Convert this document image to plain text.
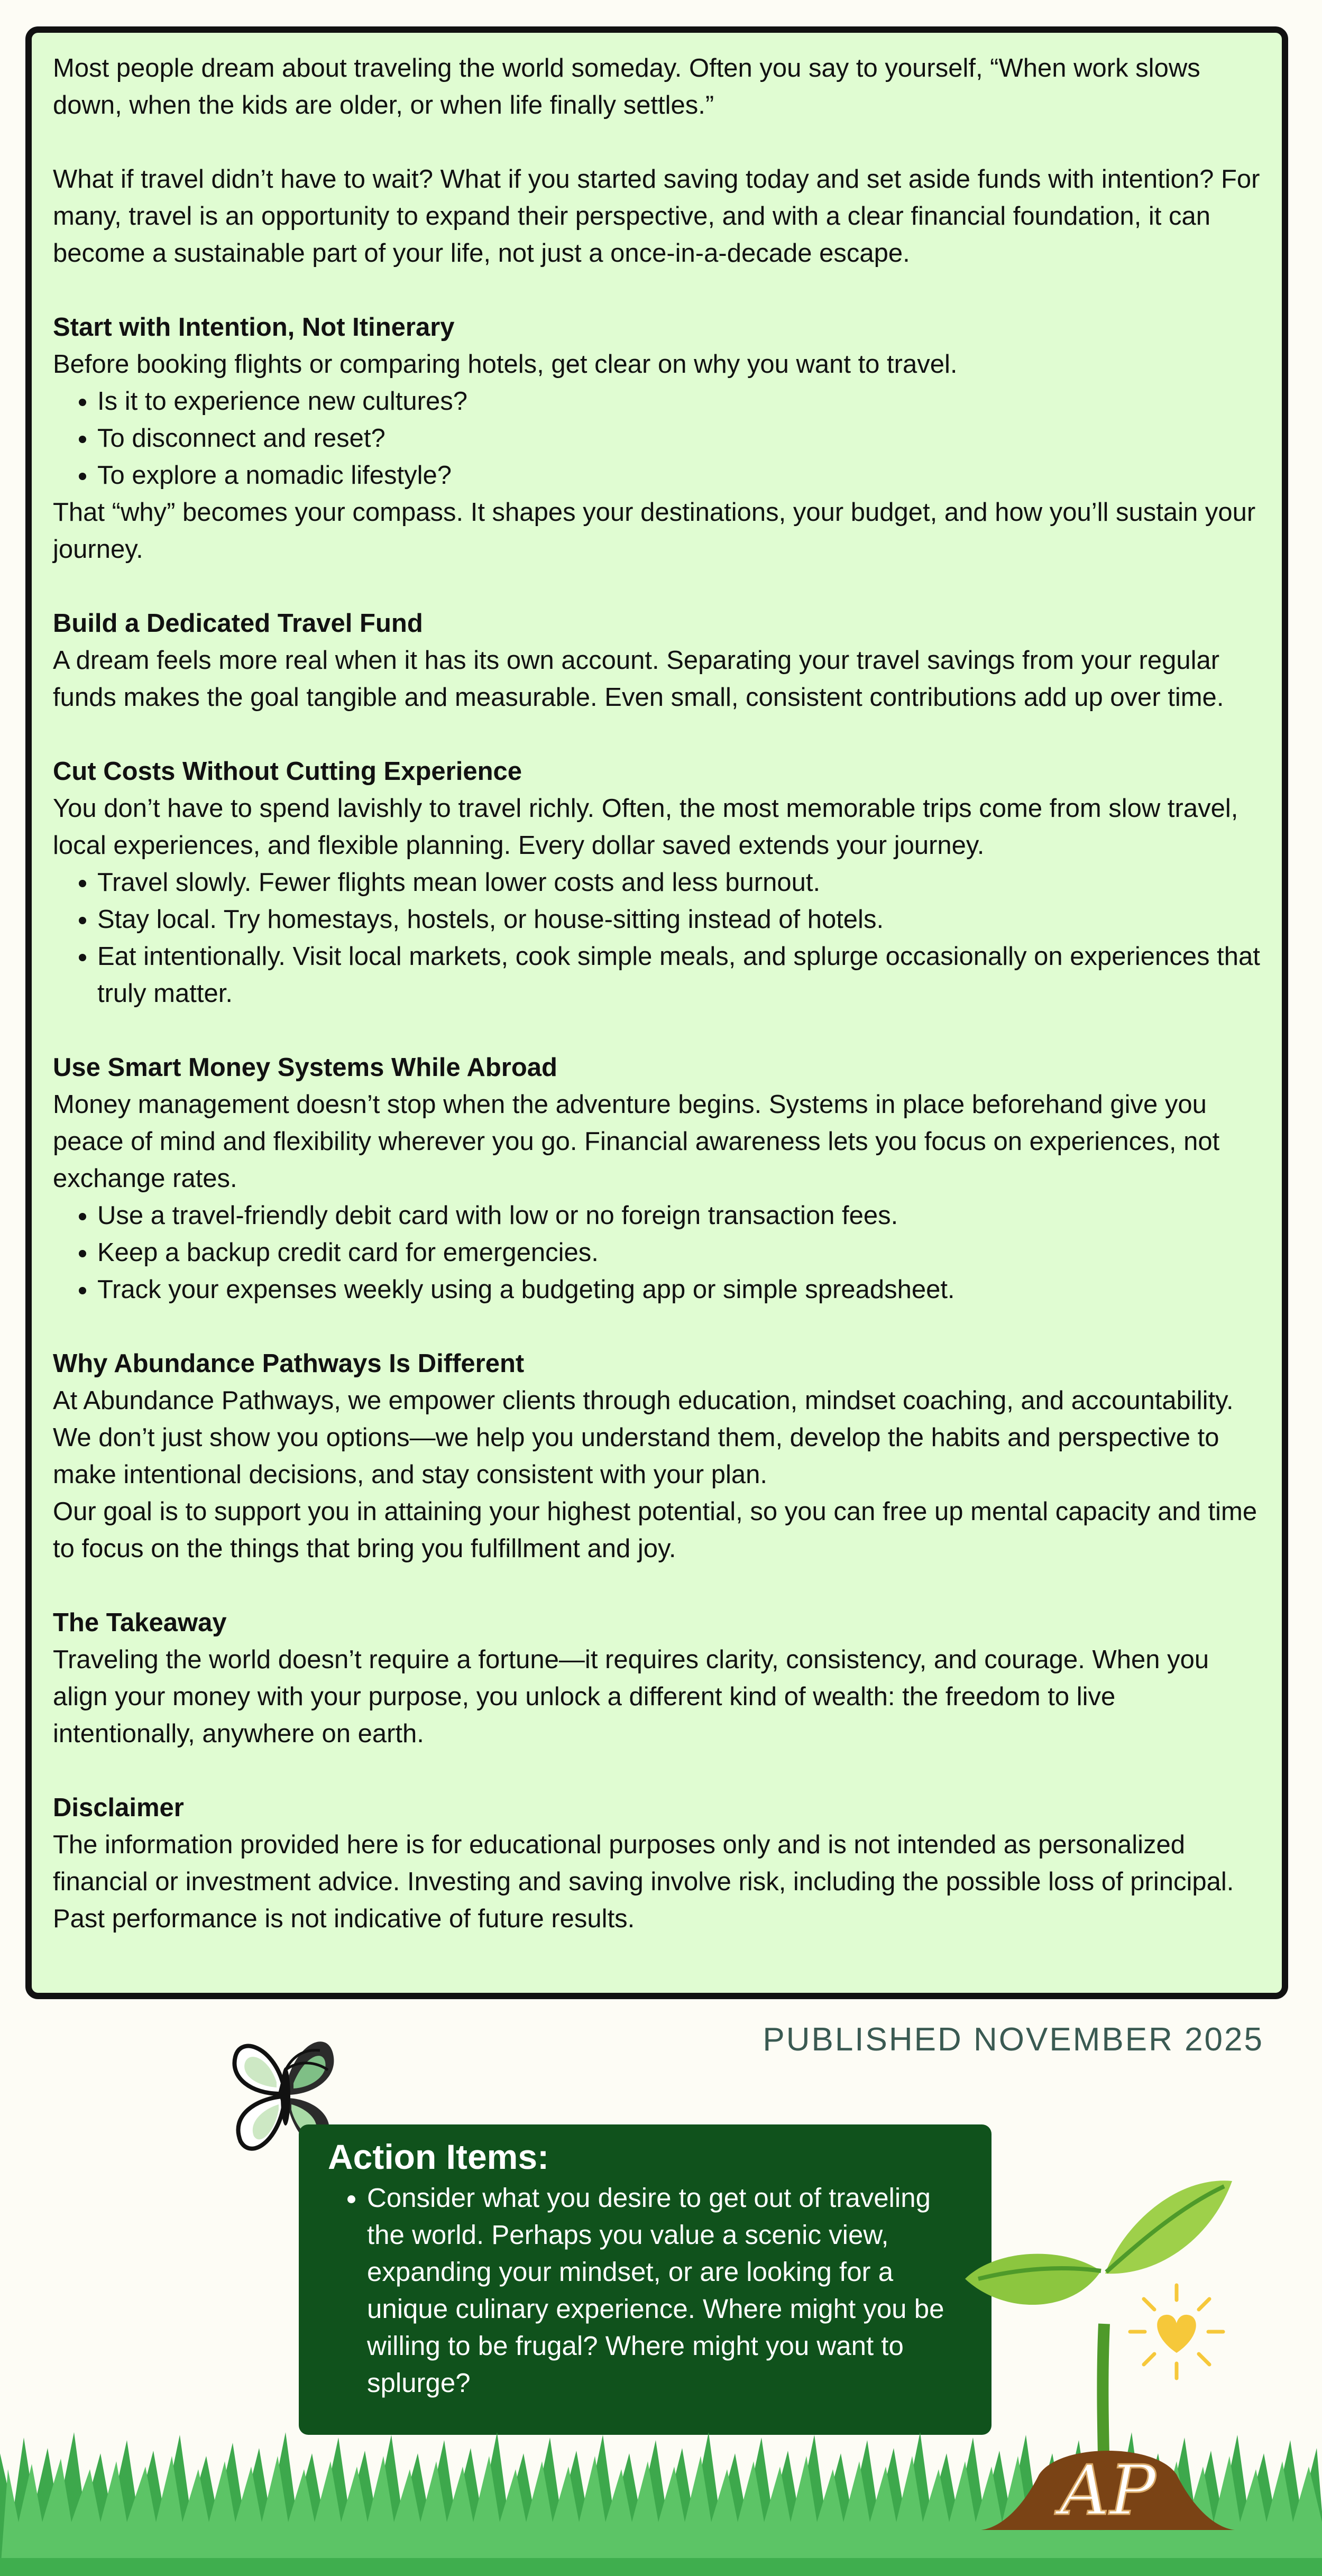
Most people dream about traveling the world someday. Often you say to yourself, “When work slows down, when the kids are older, or when life finally settles.”

What if travel didn’t have to wait? What if you started saving today and set aside funds with intention? For many, travel is an opportunity to expand their perspective, and with a clear financial foundation, it can become a sustainable part of your life, not just a once-in-a-decade escape.

Start with Intention, Not Itinerary

Before booking flights or comparing hotels, get clear on why you want to travel.

• Is it to experience new cultures?
• To disconnect and reset?
• To explore a nomadic lifestyle?

That “why” becomes your compass. It shapes your destinations, your budget, and how you’ll sustain your journey.

Build a Dedicated Travel Fund

A dream feels more real when it has its own account. Separating your travel savings from your regular funds makes the goal tangible and measurable. Even small, consistent contributions add up over time.

Cut Costs Without Cutting Experience

You don’t have to spend lavishly to travel richly. Often, the most memorable trips come from slow travel, local experiences, and flexible planning. Every dollar saved extends your journey.

• Travel slowly. Fewer flights mean lower costs and less burnout.
• Stay local. Try homestays, hostels, or house-sitting instead of hotels.
• Eat intentionally. Visit local markets, cook simple meals, and splurge occasionally on experiences that truly matter.

Use Smart Money Systems While Abroad

Money management doesn’t stop when the adventure begins. Systems in place beforehand give you peace of mind and flexibility wherever you go. Financial awareness lets you focus on experiences, not exchange rates.

• Use a travel-friendly debit card with low or no foreign transaction fees.
• Keep a backup credit card for emergencies.
• Track your expenses weekly using a budgeting app or simple spreadsheet.

Why Abundance Pathways Is Different

At Abundance Pathways, we empower clients through education, mindset coaching, and accountability. We don’t just show you options—we help you understand them, develop the habits and perspective to make intentional decisions, and stay consistent with your plan.

Our goal is to support you in attaining your highest potential, so you can free up mental capacity and time to focus on the things that bring you fulfillment and joy.

The Takeaway

Traveling the world doesn’t require a fortune—it requires clarity, consistency, and courage. When you align your money with your purpose, you unlock a different kind of wealth: the freedom to live intentionally, anywhere on earth.

Disclaimer

The information provided here is for educational purposes only and is not intended as personalized financial or investment advice. Investing and saving involve risk, including the possible loss of principal. Past performance is not indicative of future results.

PUBLISHED NOVEMBER 2025

Action Items:

• Consider what you desire to get out of traveling the world. Perhaps you value a scenic view, expanding your mindset, or are looking for a unique culinary experience. Where might you be willing to be frugal? Where might you want to splurge?
AP
